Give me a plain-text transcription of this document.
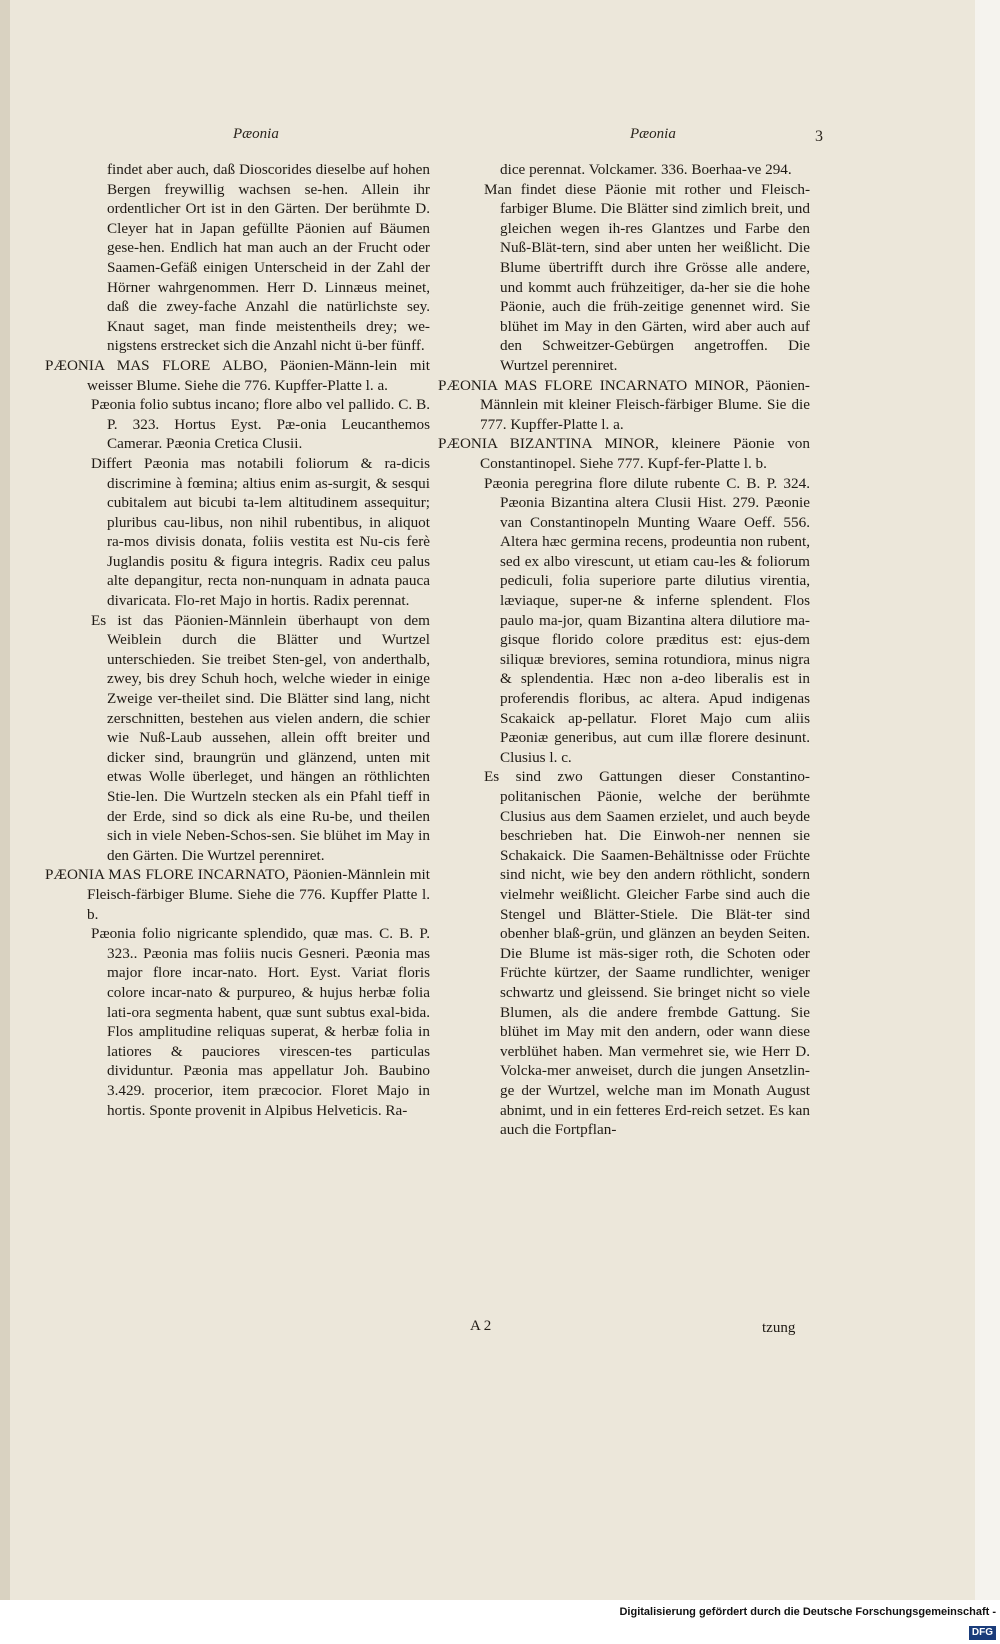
Pæonia	Pæonia	3

findet aber auch, daß Dioscorides dieselbe auf hohen Bergen freywillig wachsen se-hen. Allein ihr ordentlicher Ort ist in den Gärten. Der berühmte D. Cleyer hat in Japan gefüllte Päonien auf Bäumen gese-hen. Endlich hat man auch an der Frucht oder Saamen-Gefäß einigen Unterscheid in der Zahl der Hörner wahrgenommen. Herr D. Linnæus meinet, daß die zwey-fache Anzahl die natürlichste sey. Knaut saget, man finde meistentheils drey; we-nigstens erstrecket sich die Anzahl nicht ü-ber fünff.

PÆONIA MAS FLORE ALBO, Päonien-Männ-lein mit weisser Blume. Siehe die 776. Kupffer-Platte l. a.

Pæonia folio subtus incano; flore albo vel pallido. C. B. P. 323. Hortus Eyst. Pæ-onia Leucanthemos Camerar. Pæonia Cretica Clusii.

Differt Pæonia mas notabili foliorum & ra-dicis discrimine à fœmina; altius enim as-surgit, & sesqui cubitalem aut bicubi ta-lem altitudinem assequitur; pluribus cau-libus, non nihil rubentibus, in aliquot ra-mos divisis donata, foliis vestita est Nu-cis ferè Juglandis positu & figura integris. Radix ceu palus alte depangitur, recta non-nunquam in adnata pauca divaricata. Flo-ret Majo in hortis. Radix perennat.

Es ist das Päonien-Männlein überhaupt von dem Weiblein durch die Blätter und Wurtzel unterschieden. Sie treibet Sten-gel, von anderthalb, zwey, bis drey Schuh hoch, welche wieder in einige Zweige ver-theilet sind. Die Blätter sind lang, nicht zerschnitten, bestehen aus vielen andern, die schier wie Nuß-Laub aussehen, allein offt breiter und dicker sind, braungrün und glänzend, unten mit etwas Wolle überleget, und hängen an röthlichten Stie-len. Die Wurtzeln stecken als ein Pfahl tieff in der Erde, sind so dick als eine Ru-be, und theilen sich in viele Neben-Schos-sen. Sie blühet im May in den Gärten. Die Wurtzel perenniret.

PÆONIA MAS FLORE INCARNATO, Päonien-Männlein mit Fleisch-färbiger Blume. Siehe die 776. Kupffer Platte l. b.

Pæonia folio nigricante splendido, quæ mas. C. B. P. 323.. Pæonia mas foliis nucis Gesneri. Pæonia mas major flore incar-nato. Hort. Eyst. Variat floris colore incar-nato & purpureo, & hujus herbæ folia lati-ora segmenta habent, quæ sunt subtus exal-bida. Flos amplitudine reliquas superat, & herbæ folia in latiores & pauciores virescen-tes particulas dividuntur. Pæonia mas appellatur Joh. Baubino 3.429. procerior, item præcocior. Floret Majo in hortis. Sponte provenit in Alpibus Helveticis. Ra-

dice perennat. Volckamer. 336. Boerhaa-ve 294.

Man findet diese Päonie mit rother und Fleisch-farbiger Blume. Die Blätter sind zimlich breit, und gleichen wegen ih-res Glantzes und Farbe den Nuß-Blät-tern, sind aber unten her weißlicht. Die Blume übertrifft durch ihre Grösse alle andere, und kommt auch frühzeitiger, da-her sie die hohe Päonie, auch die früh-zeitige genennet wird. Sie blühet im May in den Gärten, wird aber auch auf den Schweitzer-Gebürgen angetroffen. Die Wurtzel perenniret.

PÆONIA MAS FLORE INCARNATO MINOR, Päonien-Männlein mit kleiner Fleisch-färbiger Blume. Sie die 777. Kupffer-Platte l. a.

PÆONIA BIZANTINA MINOR, kleinere Päonie von Constantinopel. Siehe 777. Kupf-fer-Platte l. b.

Pæonia peregrina flore dilute rubente C. B. P. 324. Pæonia Bizantina altera Clusii Hist. 279. Pæonie van Constantinopeln Munting Waare Oeff. 556. Altera hæc germina recens, prodeuntia non rubent, sed ex albo virescunt, ut etiam cau-les & foliorum pediculi, folia superiore parte dilutius virentia, læviaque, super-ne & inferne splendent. Flos paulo ma-jor, quam Bizantina altera dilutiore ma-gisque florido colore præditus est: ejus-dem siliquæ breviores, semina rotundiora, minus nigra & splendentia. Hæc non a-deo liberalis est in proferendis floribus, ac altera. Apud indigenas Scakaick ap-pellatur. Floret Majo cum aliis Pæoniæ generibus, aut cum illæ florere desinunt. Clusius l. c.

Es sind zwo Gattungen dieser Constantino-politanischen Päonie, welche der berühmte Clusius aus dem Saamen erzielet, und auch beyde beschrieben hat. Die Einwoh-ner nennen sie Schakaick. Die Saamen-Behältnisse oder Früchte sind nicht, wie bey den andern röthlicht, sondern vielmehr weißlicht. Gleicher Farbe sind auch die Stengel und Blätter-Stiele. Die Blät-ter sind obenher blaß-grün, und glänzen an beyden Seiten. Die Blume ist mäs-siger roth, die Schoten oder Früchte kürtzer, der Saame rundlichter, weniger schwartz und gleissend. Sie bringet nicht so viele Blumen, als die andere frembde Gattung. Sie blühet im May mit den andern, oder wann diese verblühet haben. Man vermehret sie, wie Herr D. Volcka-mer anweiset, durch die jungen Ansetzlin-ge der Wurtzel, welche man im Monath August abnimt, und in ein fetteres Erd-reich setzet. Es kan auch die Fortpflan-

A 2	tzung
Digitalisierung gefördert durch die Deutsche Forschungsgemeinschaft -DFG
